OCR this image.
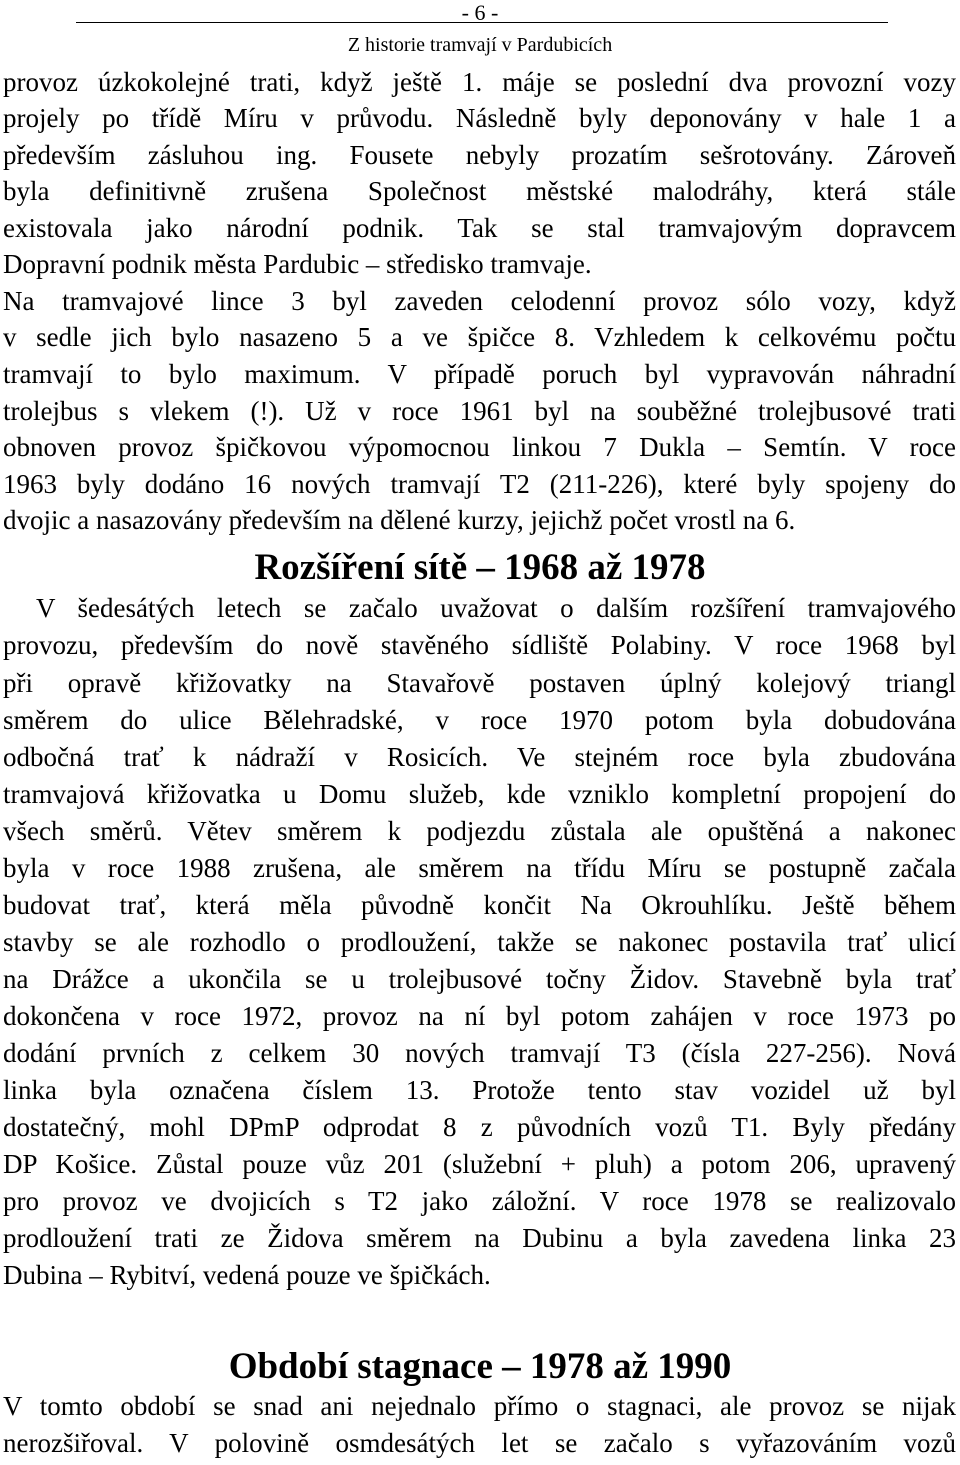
- 6 -
Z historie tramvají v Pardubicích
provoz úzkokolejné trati, když ještě 1. máje se poslední dva provozní vozy
projely po třídě Míru v průvodu. Následně byly deponovány v hale 1 a
především zásluhou ing. Fousete nebyly prozatím sešrotovány. Zároveň
byla definitivně zrušena Společnost městské malodráhy, která stále
existovala jako národní podnik. Tak se stal tramvajovým dopravcem
Dopravní podnik města Pardubic – středisko tramvaje.
Na tramvajové lince 3 byl zaveden celodenní provoz sólo vozy, když
v sedle jich bylo nasazeno 5 a ve špičce 8. Vzhledem k celkovému počtu
tramvají to bylo maximum. V případě poruch byl vypravován náhradní
trolejbus s vlekem (!). Už v roce 1961 byl na souběžné trolejbusové trati
obnoven provoz špičkovou výpomocnou linkou 7 Dukla – Semtín. V roce
1963 byly dodáno 16 nových tramvají T2 (211-226), které byly spojeny do
dvojic a nasazovány především na dělené kurzy, jejichž počet vrostl na 6.
Rozšíření sítě – 1968 až 1978
V šedesátých letech se začalo uvažovat o dalším rozšíření tramvajového
provozu, především do nově stavěného sídliště Polabiny. V roce 1968 byl
při opravě křižovatky na Stavařově postaven úplný kolejový triangl
směrem do ulice Bělehradské, v roce 1970 potom byla dobudována
odbočná trať k nádraží v Rosicích. Ve stejném roce byla zbudována
tramvajová křižovatka u Domu služeb, kde vzniklo kompletní propojení do
všech směrů. Větev směrem k podjezdu zůstala ale opuštěná a nakonec
byla v roce 1988 zrušena, ale směrem na třídu Míru se postupně začala
budovat trať, která měla původně končit Na Okrouhlíku. Ještě během
stavby se ale rozhodlo o prodloužení, takže se nakonec postavila trať ulicí
na Drážce a ukončila se u trolejbusové točny Židov. Stavebně byla trať
dokončena v roce 1972, provoz na ní byl potom zahájen v roce 1973 po
dodání prvních z celkem 30 nových tramvají T3 (čísla 227-256). Nová
linka byla označena číslem 13. Protože tento stav vozidel už byl
dostatečný, mohl DPmP odprodat 8 z původních vozů T1. Byly předány
DP Košice. Zůstal pouze vůz 201 (služební + pluh) a potom 206, upravený
pro provoz ve dvojicích s T2 jako záložní. V roce 1978 se realizovalo
prodloužení trati ze Židova směrem na Dubinu a byla zavedena linka 23
Dubina – Rybitví, vedená pouze ve špičkách.
Období stagnace – 1978 až 1990
V tomto období se snad ani nejednalo přímo o stagnaci, ale provoz se nijak
nerozšiřoval. V polovině osmdesátých let se začalo s vyřazováním vozů
